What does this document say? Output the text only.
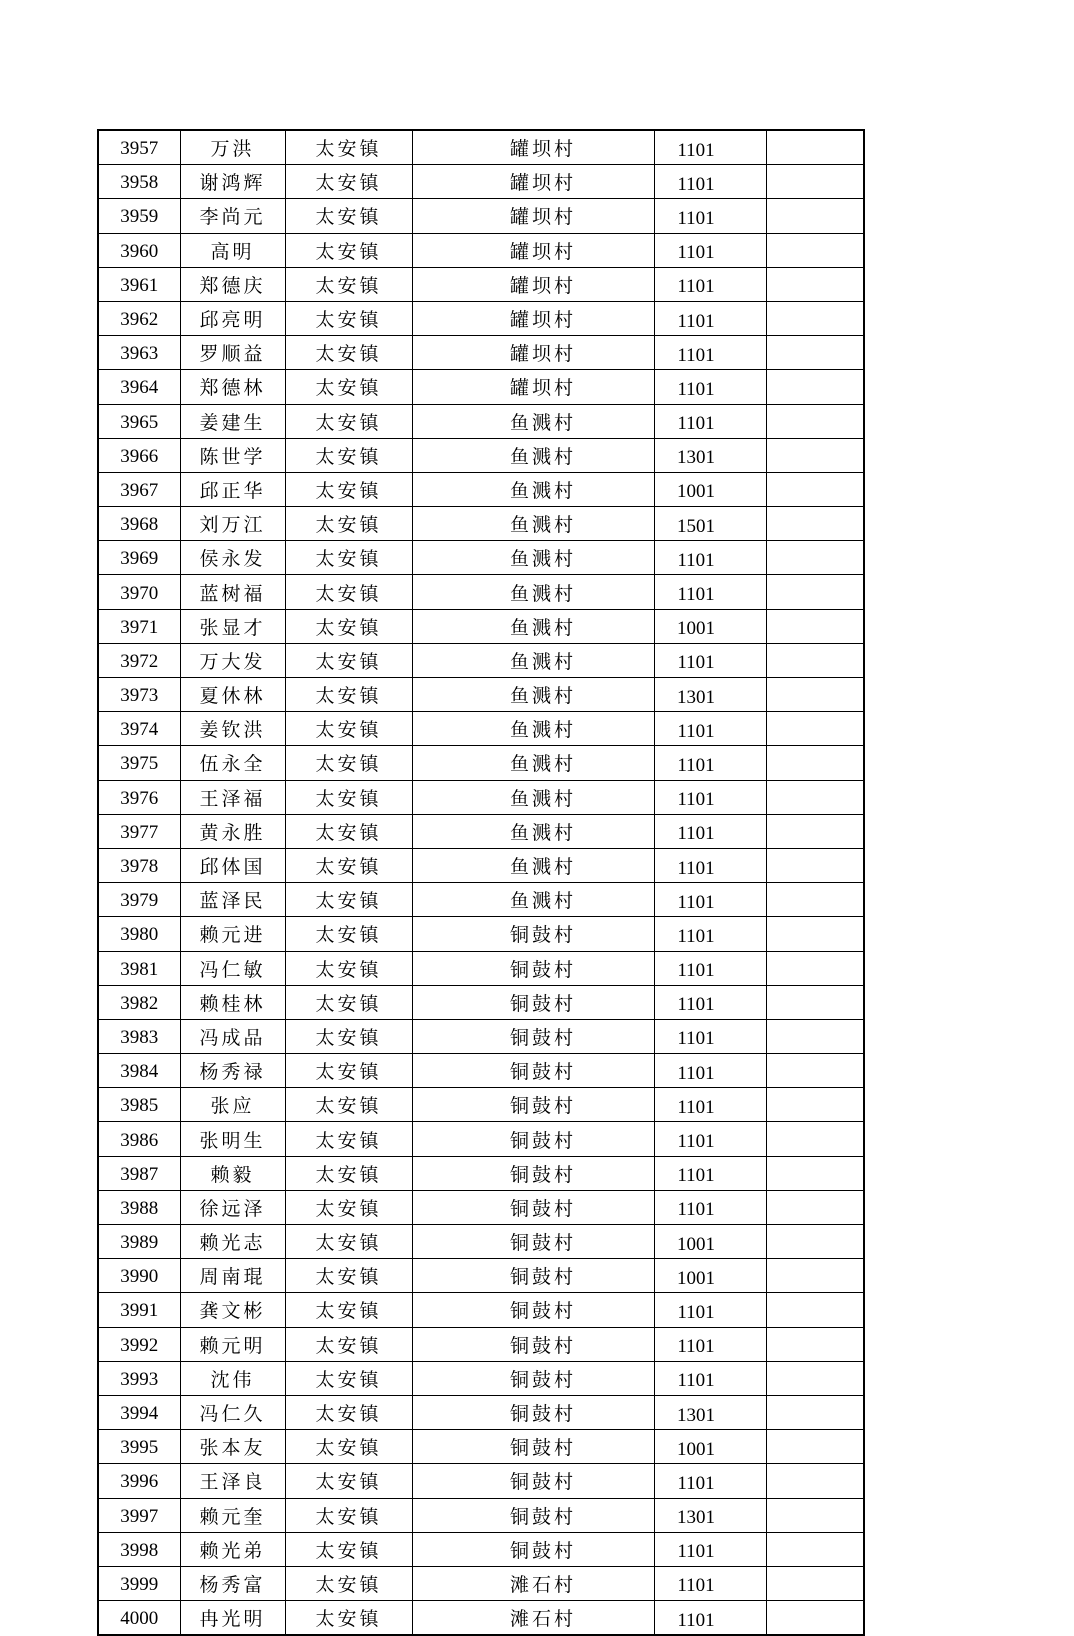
3957	万洪	太安镇	罐坝村	1101	
3958	谢鸿辉	太安镇	罐坝村	1101	
3959	李尚元	太安镇	罐坝村	1101	
3960	高明	太安镇	罐坝村	1101	
3961	郑德庆	太安镇	罐坝村	1101	
3962	邱亮明	太安镇	罐坝村	1101	
3963	罗顺益	太安镇	罐坝村	1101	
3964	郑德林	太安镇	罐坝村	1101	
3965	姜建生	太安镇	鱼溅村	1101	
3966	陈世学	太安镇	鱼溅村	1301	
3967	邱正华	太安镇	鱼溅村	1001	
3968	刘万江	太安镇	鱼溅村	1501	
3969	侯永发	太安镇	鱼溅村	1101	
3970	蓝树福	太安镇	鱼溅村	1101	
3971	张显才	太安镇	鱼溅村	1001	
3972	万大发	太安镇	鱼溅村	1101	
3973	夏休林	太安镇	鱼溅村	1301	
3974	姜钦洪	太安镇	鱼溅村	1101	
3975	伍永全	太安镇	鱼溅村	1101	
3976	王泽福	太安镇	鱼溅村	1101	
3977	黄永胜	太安镇	鱼溅村	1101	
3978	邱体国	太安镇	鱼溅村	1101	
3979	蓝泽民	太安镇	鱼溅村	1101	
3980	赖元进	太安镇	铜鼓村	1101	
3981	冯仁敏	太安镇	铜鼓村	1101	
3982	赖桂林	太安镇	铜鼓村	1101	
3983	冯成品	太安镇	铜鼓村	1101	
3984	杨秀禄	太安镇	铜鼓村	1101	
3985	张应	太安镇	铜鼓村	1101	
3986	张明生	太安镇	铜鼓村	1101	
3987	赖毅	太安镇	铜鼓村	1101	
3988	徐远泽	太安镇	铜鼓村	1101	
3989	赖光志	太安镇	铜鼓村	1001	
3990	周南琨	太安镇	铜鼓村	1001	
3991	龚文彬	太安镇	铜鼓村	1101	
3992	赖元明	太安镇	铜鼓村	1101	
3993	沈伟	太安镇	铜鼓村	1101	
3994	冯仁久	太安镇	铜鼓村	1301	
3995	张本友	太安镇	铜鼓村	1001	
3996	王泽良	太安镇	铜鼓村	1101	
3997	赖元奎	太安镇	铜鼓村	1301	
3998	赖光弟	太安镇	铜鼓村	1101	
3999	杨秀富	太安镇	滩石村	1101	
4000	冉光明	太安镇	滩石村	1101	
